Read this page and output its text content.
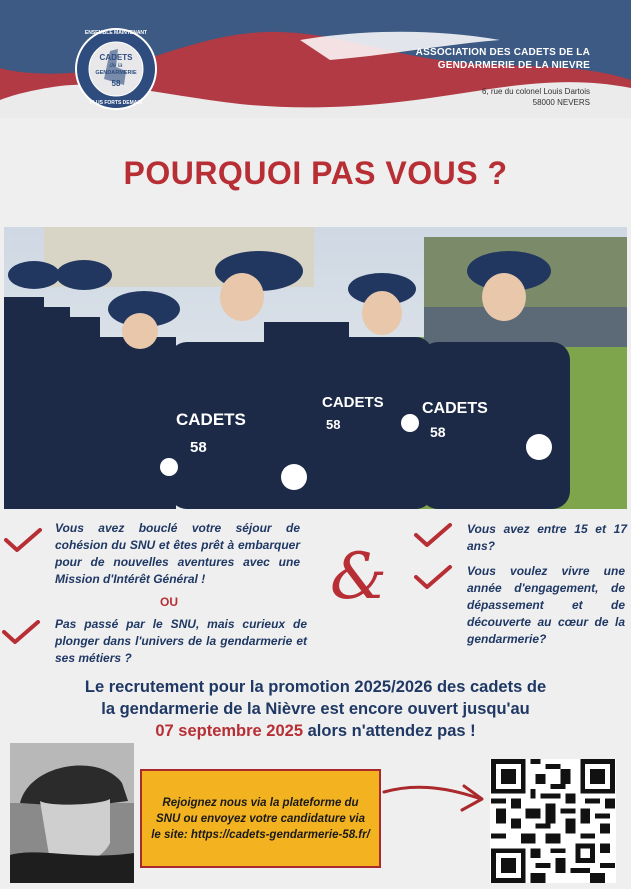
ENSEMBLE MAINTENANT
CADETS
de la
GENDARMERIE
58
PLUS FORTS DEMAIN
ASSOCIATION DES CADETS DE LA
GENDARMERIE DE LA NIEVRE
6, rue du colonel Louis Dartois
58000 NEVERS
POURQUOI PAS VOUS ?
CADETS
58
CADETS
58
CADETS
58
Vous avez bouclé votre séjour de cohésion du SNU et êtes prêt à embarquer pour de nouvelles aventures avec une Mission d'Intérêt Général !
OU
Pas passé par le SNU, mais curieux de plonger dans l'univers de la gendarmerie et ses métiers ?
&
Vous avez entre 15 et 17 ans?
Vous voulez vivre une année d'engagement, de dépassement et de découverte au cœur de la gendarmerie?
Le recrutement pour la promotion 2025/2026 des cadets de
la gendarmerie de la Nièvre est encore ouvert jusqu'au
07 septembre 2025 alors n'attendez pas !
Rejoignez nous via la plateforme du SNU ou envoyez votre candidature via le site: https://cadets-gendarmerie-58.fr/
